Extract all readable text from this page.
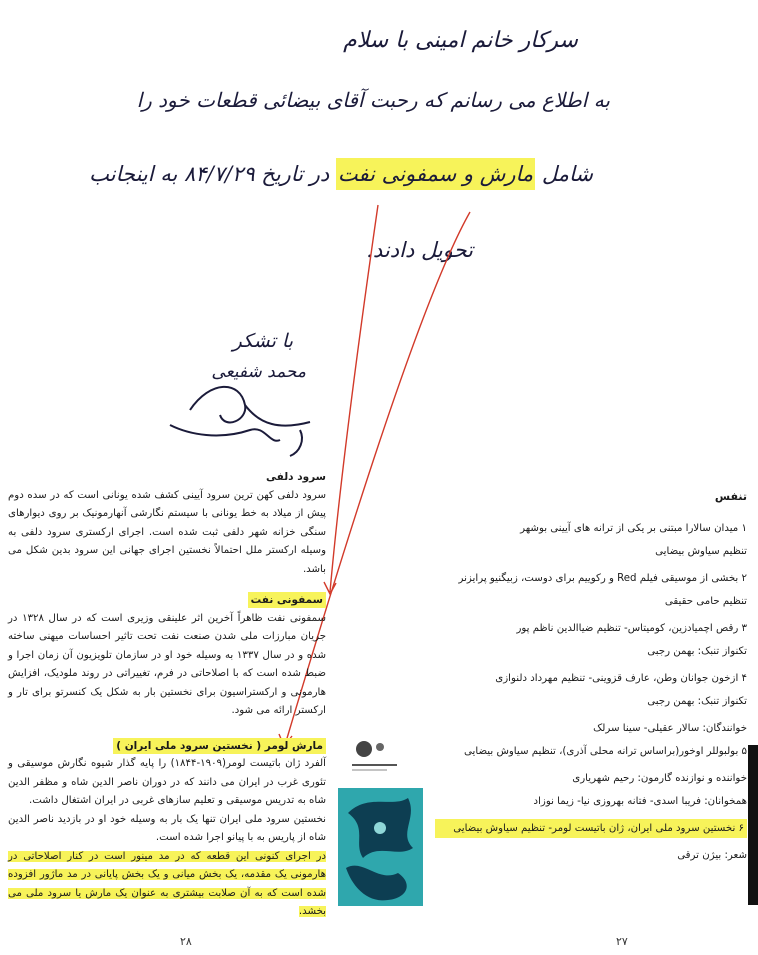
سرکار خانم امینی با سلام
به اطلاع می رسانم که رحبت آقای بیضائی قطعات خود را
شامل مارش و سمفونی نفت در تاریخ ۸۴/۷/۲۹ به اینجانب
تحویل دادند.
با تشکر
محمد شفیعی

سرود دلفی

سرود دلفی کهن ترین سرود آیینی کشف شده یونانی است که در سده دوم پیش از میلاد به خط یونانی با سیستم نگارشی آنهارمونیک بر روی دیوارهای سنگی خزانه شهر دلفی ثبت شده است. اجرای ارکستری سرود دلفی به وسیله ارکستر ملل احتمالاً نخستین اجرای جهانی این سرود بدین شکل می باشد.

سمفونی نفت

سمفونی نفت ظاهراً آخرین اثر علینقی وزیری است که در سال ۱۳۲۸ در جریان مبارزات ملی شدن صنعت نفت تحت تاثیر احساسات میهنی ساخته شده و در سال ۱۳۳۷ به وسیله خود او در سازمان تلویزیون آن زمان اجرا و ضبط شده است که با اصلاحاتی در فرم، تغییراتی در روند ملودیک، افزایش هارمونی و ارکستراسیون برای نخستین بار به شکل یک کنسرتو برای تار و ارکستر ارائه می شود.

مارش لومر ( نخستین سرود ملی ایران )

آلفرد ژان باتیست لومر(۱۹۰۹-۱۸۴۴) را پایه گذار شیوه نگارش موسیقی و تئوری غرب در ایران می دانند که در دوران ناصر الدین شاه و مظفر الدین شاه به تدریس موسیقی و تعلیم سازهای غربی در ایران اشتغال داشت.

نخستین سرود ملی ایران تنها یک بار به وسیله خود او در بازدید ناصر الدین شاه از پاریس به با پیانو اجرا شده است.

در اجرای کنونی این قطعه که در مد مینور است در کنار اصلاحاتی در هارمونی یک مقدمه، یک بخش میانی و یک بخش پایانی در مد ماژور افزوده شده است که به آن صلابت بیشتری به عنوان یک مارش یا سرود ملی می بخشد.

۲۸

تنفس

۱ میدان سالارا مبتنی بر یکی از ترانه های آیینی بوشهر
تنظیم سیاوش بیضایی
۲ بخشی از موسیقی فیلم Red و رکوییم برای دوست، زبیگنیو پرایزنر
تنظیم حامی حقیقی
۳ رقص اچمیادزین، کومیتاس- تنظیم ضیاالدین ناظم پور
تکنواز تنبک: بهمن رجبی
۴ ازخون جوانان وطن، عارف قزوینی- تنظیم مهرداد دلنوازی
تکنواز تنبک: بهمن رجبی
خوانندگان: سالار عقیلی- سینا سرلک
۵ بولبوللر اوخور(براساس ترانه محلی آذری)، تنظیم سیاوش بیضایی
خواننده و نوازنده گارمون: رحیم شهریاری
همخوانان: فریبا اسدی- فتانه بهروزی نیا- زیما نوزاد
۶ نخستین سرود ملی ایران، ژان باتیست لومر- تنظیم سیاوش بیضایی
شعر: بیژن ترقی
۲۷
